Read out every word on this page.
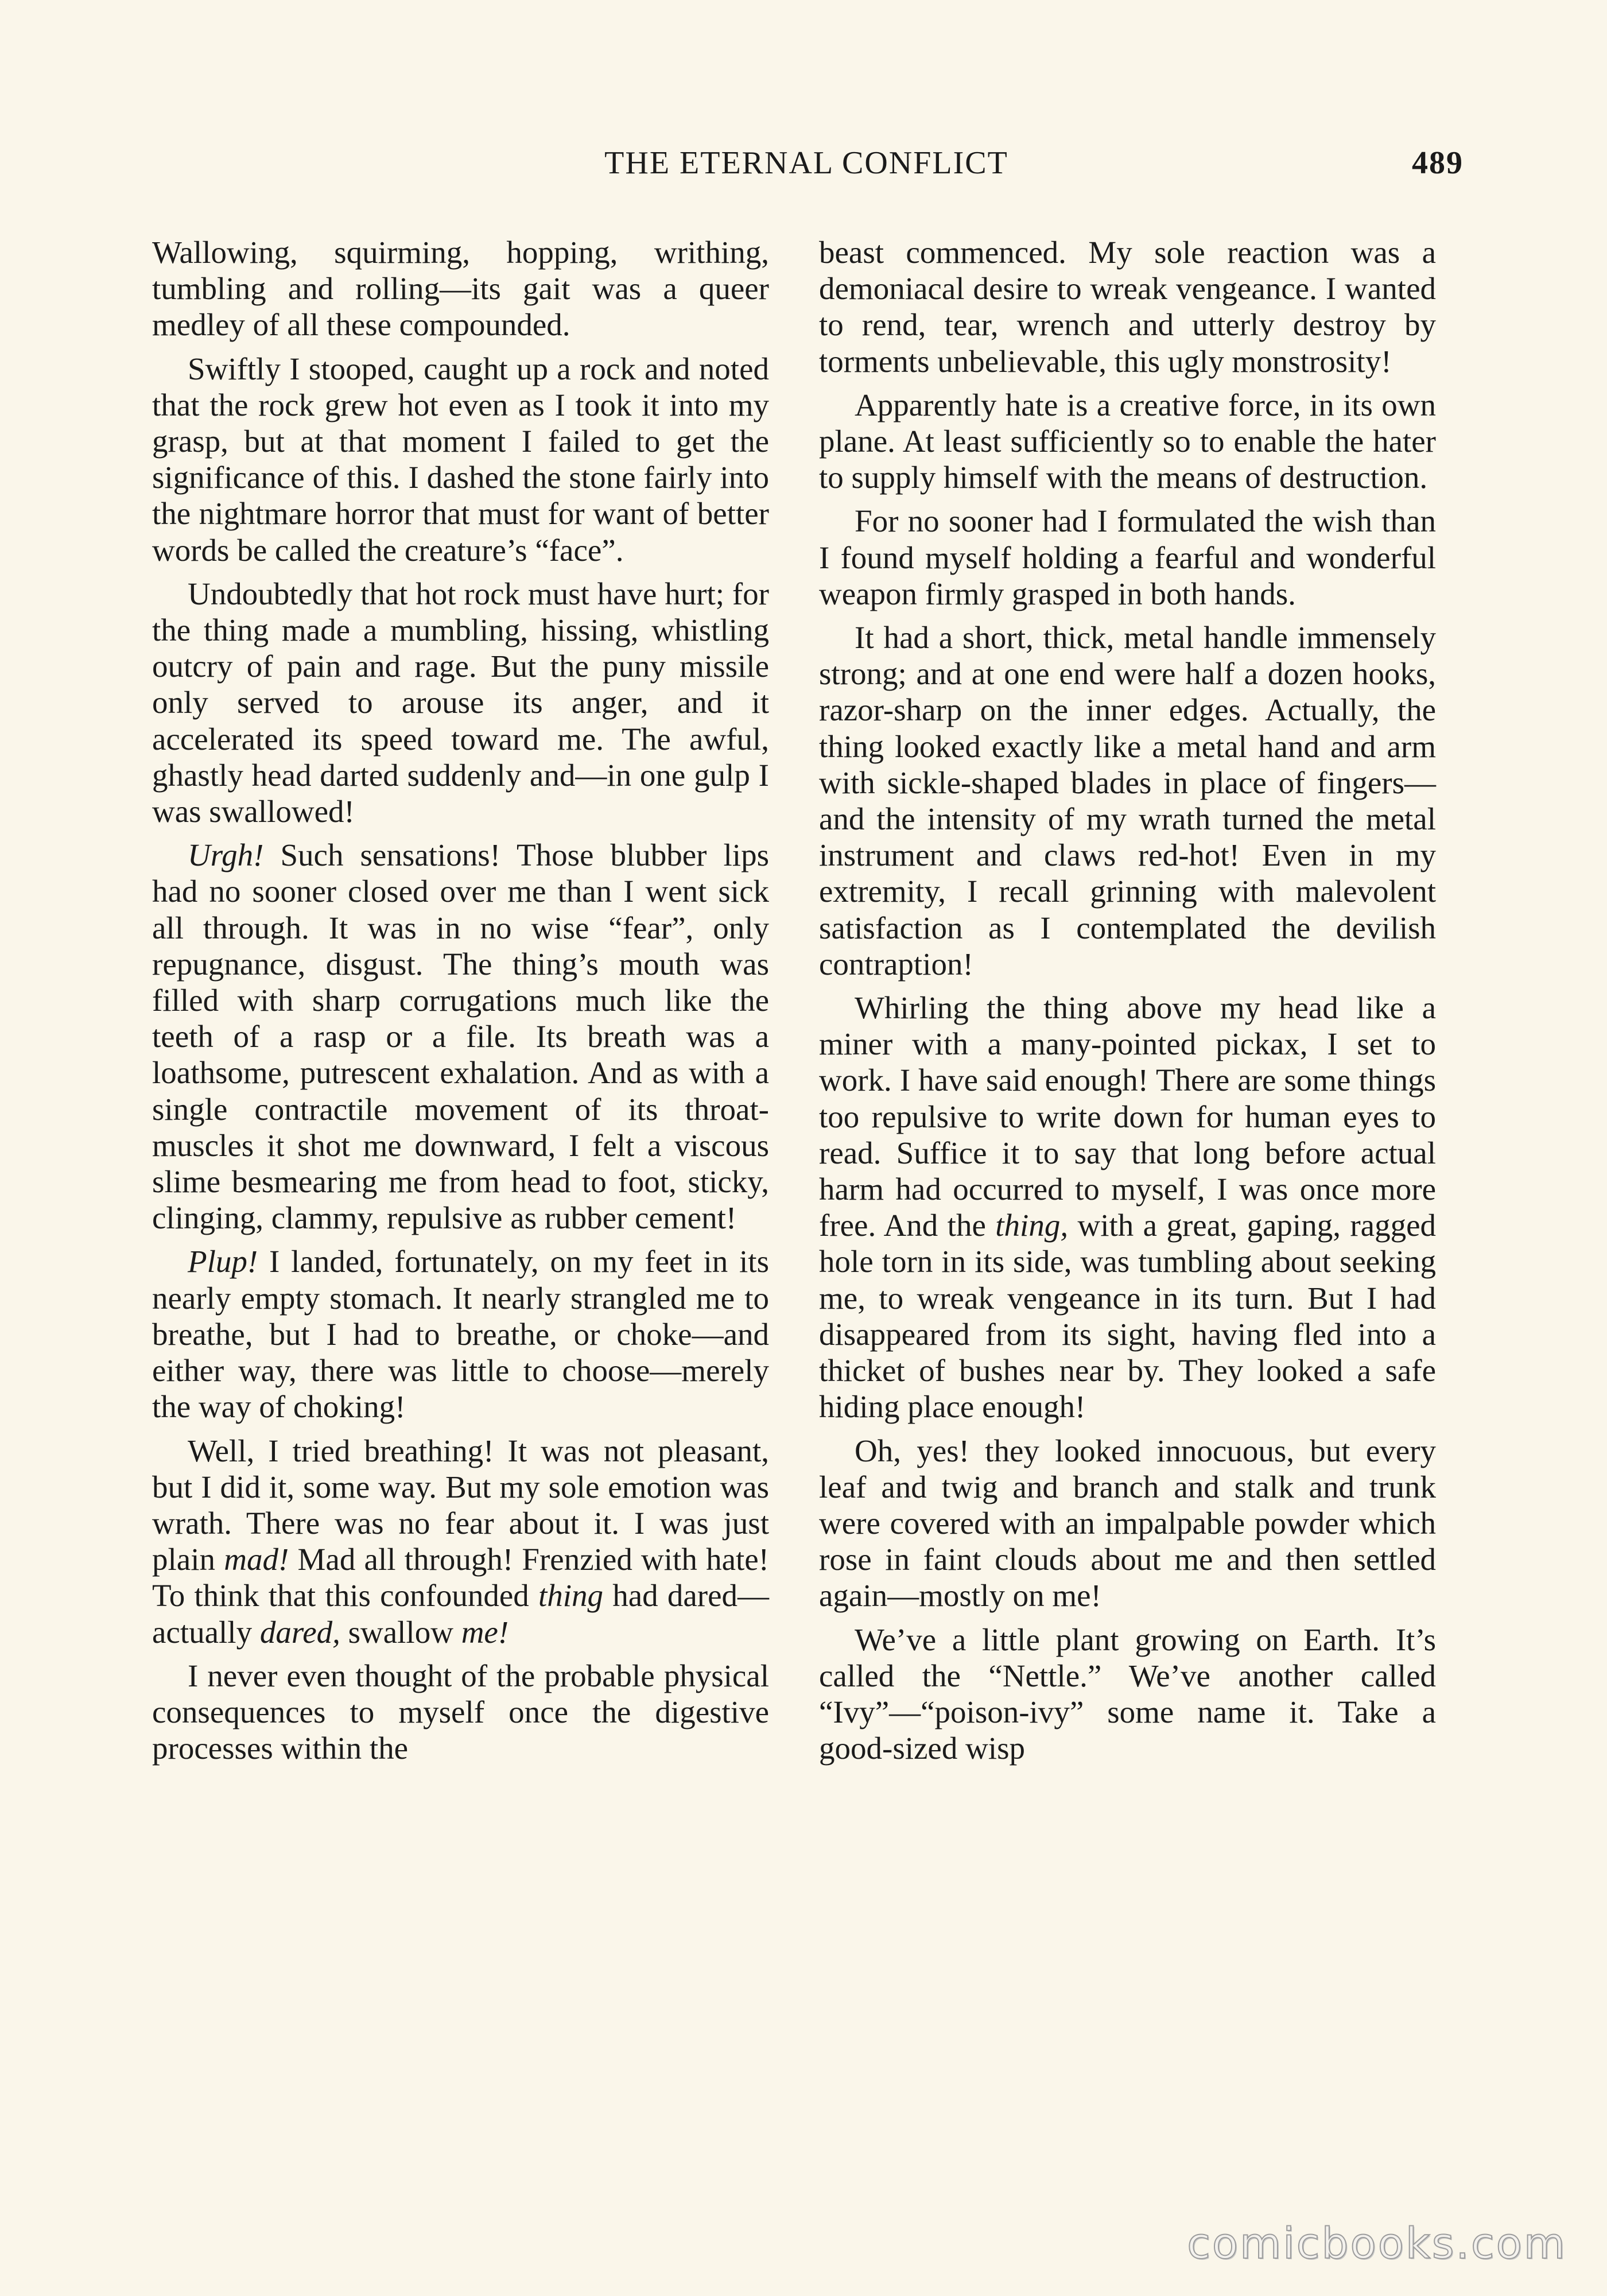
THE ETERNAL CONFLICT	489

Wallowing, squirming, hopping, writhing, tumbling and rolling—its gait was a queer medley of all these compounded.

Swiftly I stooped, caught up a rock and noted that the rock grew hot even as I took it into my grasp, but at that moment I failed to get the significance of this. I dashed the stone fairly into the nightmare horror that must for want of better words be called the creature’s “face”.

Undoubtedly that hot rock must have hurt; for the thing made a mumbling, hissing, whistling outcry of pain and rage. But the puny missile only served to arouse its anger, and it accelerated its speed toward me. The awful, ghastly head darted suddenly and—in one gulp I was swallowed!

Urgh! Such sensations! Those blubber lips had no sooner closed over me than I went sick all through. It was in no wise “fear”, only repugnance, disgust. The thing’s mouth was filled with sharp corrugations much like the teeth of a rasp or a file. Its breath was a loathsome, putrescent exhalation. And as with a single contractile movement of its throat-muscles it shot me downward, I felt a viscous slime besmearing me from head to foot, sticky, clinging, clammy, repulsive as rubber cement!

Plup! I landed, fortunately, on my feet in its nearly empty stomach. It nearly strangled me to breathe, but I had to breathe, or choke—and either way, there was little to choose—merely the way of choking!

Well, I tried breathing! It was not pleasant, but I did it, some way. But my sole emotion was wrath. There was no fear about it. I was just plain mad! Mad all through! Frenzied with hate! To think that this confounded thing had dared—actually dared, swallow me!

I never even thought of the probable physical consequences to myself once the digestive processes within the

beast commenced. My sole reaction was a demoniacal desire to wreak vengeance. I wanted to rend, tear, wrench and utterly destroy by torments unbelievable, this ugly monstrosity!

Apparently hate is a creative force, in its own plane. At least sufficiently so to enable the hater to supply himself with the means of destruction.

For no sooner had I formulated the wish than I found myself holding a fearful and wonderful weapon firmly grasped in both hands.

It had a short, thick, metal handle immensely strong; and at one end were half a dozen hooks, razor-sharp on the inner edges. Actually, the thing looked exactly like a metal hand and arm with sickle-shaped blades in place of fingers—and the intensity of my wrath turned the metal instrument and claws red-hot! Even in my extremity, I recall grinning with malevolent satisfaction as I contemplated the devilish contraption!

Whirling the thing above my head like a miner with a many-pointed pickax, I set to work. I have said enough! There are some things too repulsive to write down for human eyes to read. Suffice it to say that long before actual harm had occurred to myself, I was once more free. And the thing, with a great, gaping, ragged hole torn in its side, was tumbling about seeking me, to wreak vengeance in its turn. But I had disappeared from its sight, having fled into a thicket of bushes near by. They looked a safe hiding place enough!

Oh, yes! they looked innocuous, but every leaf and twig and branch and stalk and trunk were covered with an impalpable powder which rose in faint clouds about me and then settled again—mostly on me!

We’ve a little plant growing on Earth. It’s called the “Nettle.” We’ve another called “Ivy”—“poison-ivy” some name it. Take a good-sized wisp

comicbooks.com
